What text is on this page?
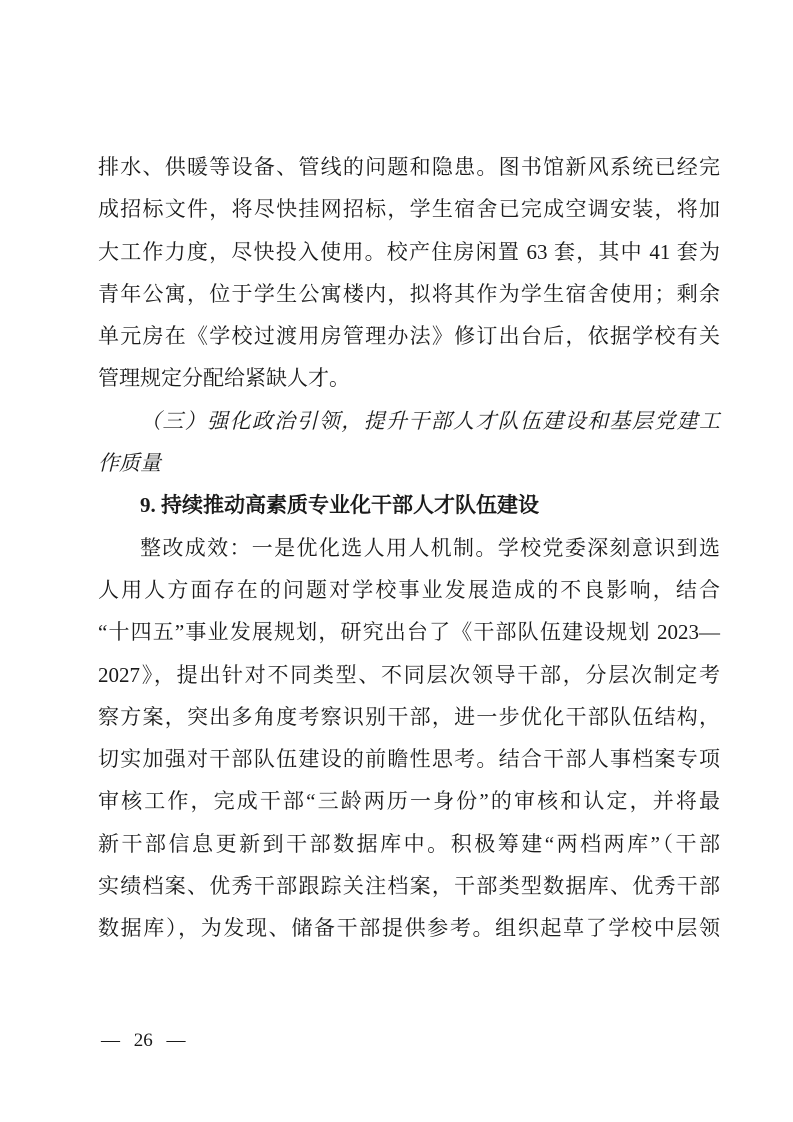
排水、供暖等设备、管线的问题和隐患。图书馆新风系统已经完
成招标文件，将尽快挂网招标，学生宿舍已完成空调安装，将加
大工作力度，尽快投入使用。校产住房闲置 63 套，其中 41 套为
青年公寓，位于学生公寓楼内，拟将其作为学生宿舍使用；剩余
单元房在《学校过渡用房管理办法》修订出台后，依据学校有关
管理规定分配给紧缺人才。
（三）强化政治引领，提升干部人才队伍建设和基层党建工
作质量
9. 持续推动高素质专业化干部人才队伍建设
整改成效：一是优化选人用人机制。学校党委深刻意识到选
人用人方面存在的问题对学校事业发展造成的不良影响，结合
“十四五”事业发展规划，研究出台了《干部队伍建设规划 2023—
2027》，提出针对不同类型、不同层次领导干部，分层次制定考
察方案，突出多角度考察识别干部，进一步优化干部队伍结构，
切实加强对干部队伍建设的前瞻性思考。结合干部人事档案专项
审核工作，完成干部“三龄两历一身份”的审核和认定，并将最
新干部信息更新到干部数据库中。积极筹建“两档两库”（干部
实绩档案、优秀干部跟踪关注档案，干部类型数据库、优秀干部
数据库），为发现、储备干部提供参考。组织起草了学校中层领
— 26 —
